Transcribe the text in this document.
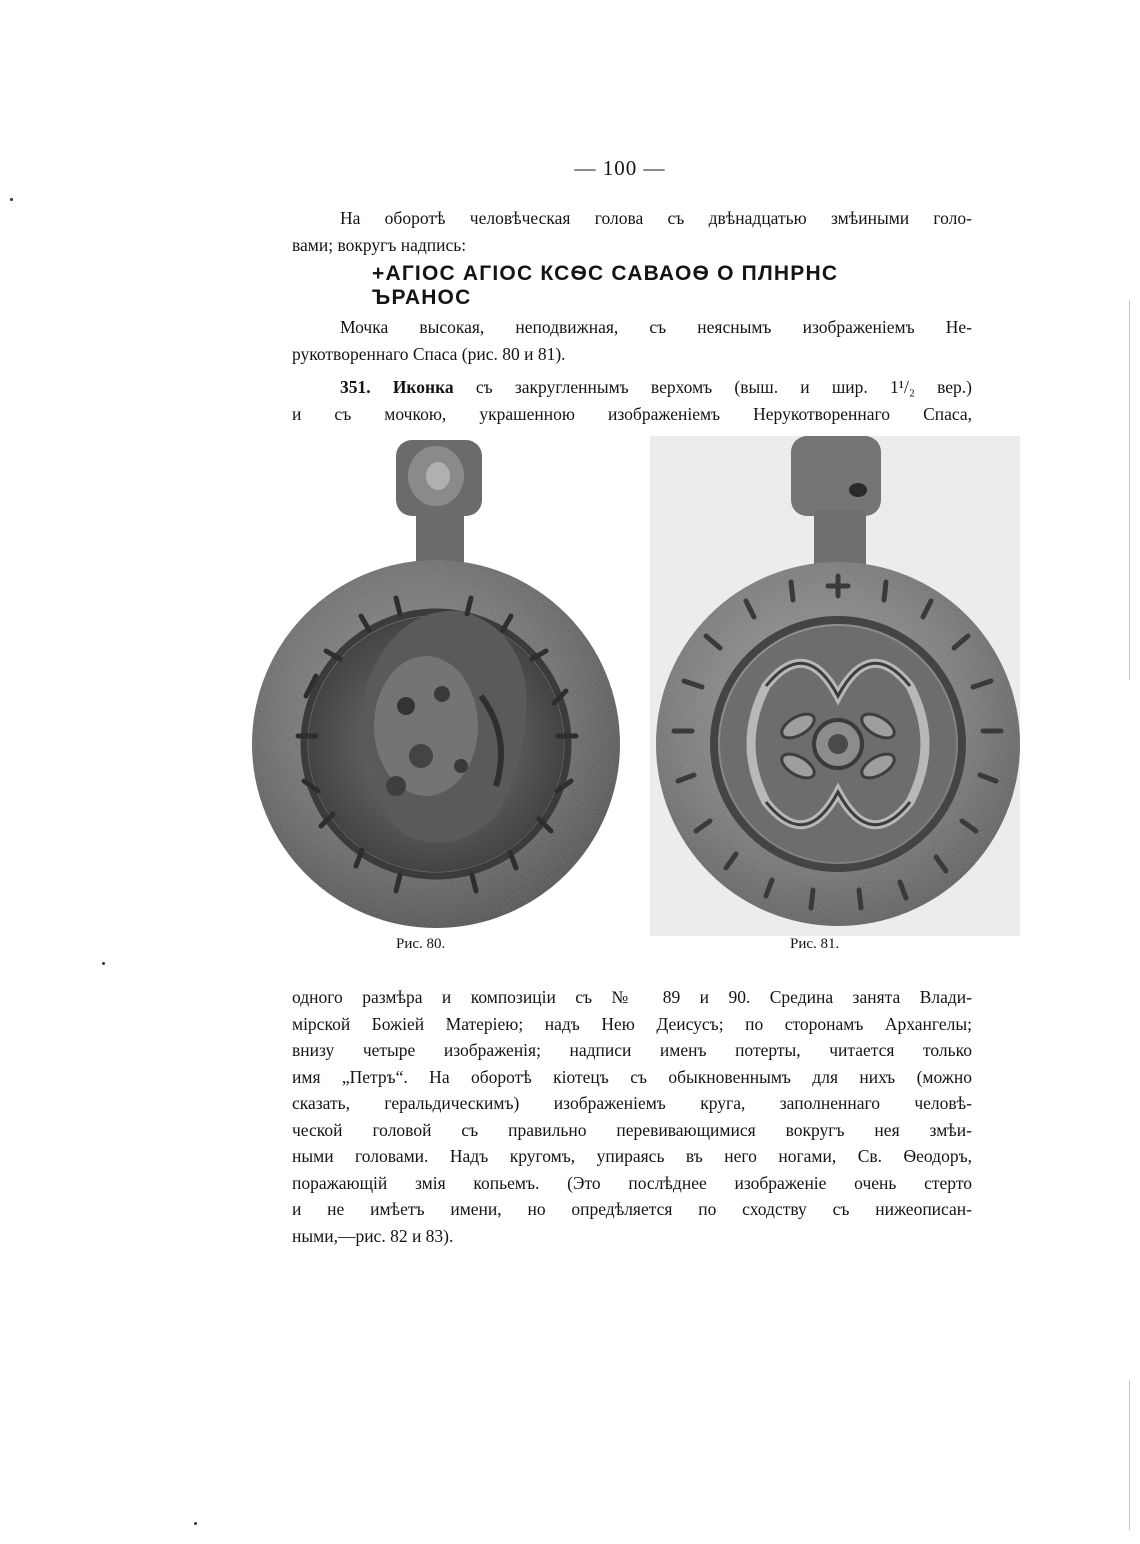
— 100 —
На оборотѣ человѣческая голова съ двѣнадцатью змѣиными голо-
вами; вокругъ надпись:
+АГІОС АГІОС КСѲС САВАОѲ О ПЛНРНС ЪРАНОС
Мочка высокая, неподвижная, съ неяснымъ изображеніемъ Не-
рукотвореннаго Спаса (рис. 80 и 81).
351. Иконка съ закругленнымъ верхомъ (выш. и шир. 1¹/₂ вер.)
и съ мочкою, украшенною изображеніемъ Нерукотвореннаго Спаса,
Рис. 80.	Рис. 81.
одного размѣра и композиціи съ № 89 и 90. Средина занята Влади-
мірской Божіей Матеріею; надъ Нею Деисусъ; по сторонамъ Архангелы;
внизу четыре изображенія; надписи именъ потерты, читается только
имя „Петръ“. На оборотѣ кіотецъ съ обыкновеннымъ для нихъ (можно
сказать, геральдическимъ) изображеніемъ круга, заполненнаго человѣ-
ческой головой съ правильно перевивающимися вокругъ нея змѣи-
ными головами. Надъ кругомъ, упираясь въ него ногами, Св. Ѳеодоръ,
поражающій змія копьемъ. (Это послѣднее изображеніе очень стерто
и не имѣетъ имени, но опредѣляется по сходству съ нижеописан-
ными,—рис. 82 и 83).
